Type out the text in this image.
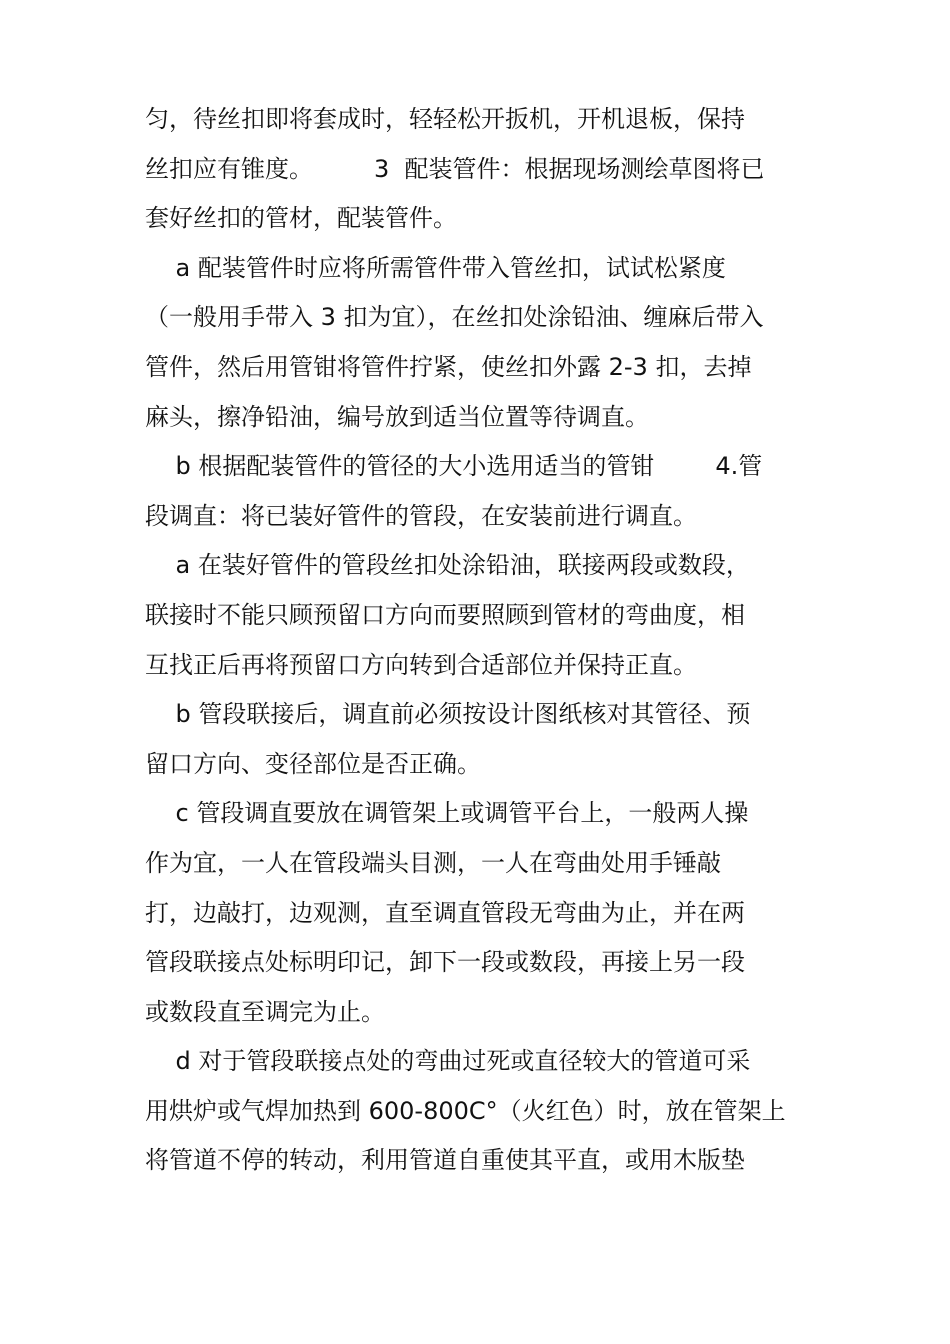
匀，待丝扣即将套成时，轻轻松开扳机，开机退板，保持
丝扣应有锥度。        3  配装管件：根据现场测绘草图将已
套好丝扣的管材，配装管件。
a 配装管件时应将所需管件带入管丝扣，试试松紧度
（一般用手带入 3 扣为宜），在丝扣处涂铅油、缠麻后带入
管件，然后用管钳将管件拧紧，使丝扣外露 2-3 扣，去掉
麻头，擦净铅油，编号放到适当位置等待调直。
b 根据配装管件的管径的大小选用适当的管钳        4.管
段调直：将已装好管件的管段，在安装前进行调直。
a 在装好管件的管段丝扣处涂铅油，联接两段或数段，
联接时不能只顾预留口方向而要照顾到管材的弯曲度，相
互找正后再将预留口方向转到合适部位并保持正直。
b 管段联接后，调直前必须按设计图纸核对其管径、预
留口方向、变径部位是否正确。
c 管段调直要放在调管架上或调管平台上，一般两人操
作为宜，一人在管段端头目测，一人在弯曲处用手锤敲
打，边敲打，边观测，直至调直管段无弯曲为止，并在两
管段联接点处标明印记，卸下一段或数段，再接上另一段
或数段直至调完为止。
d 对于管段联接点处的弯曲过死或直径较大的管道可采
用烘炉或气焊加热到 600-800C°（火红色）时，放在管架上
将管道不停的转动，利用管道自重使其平直，或用木版垫
